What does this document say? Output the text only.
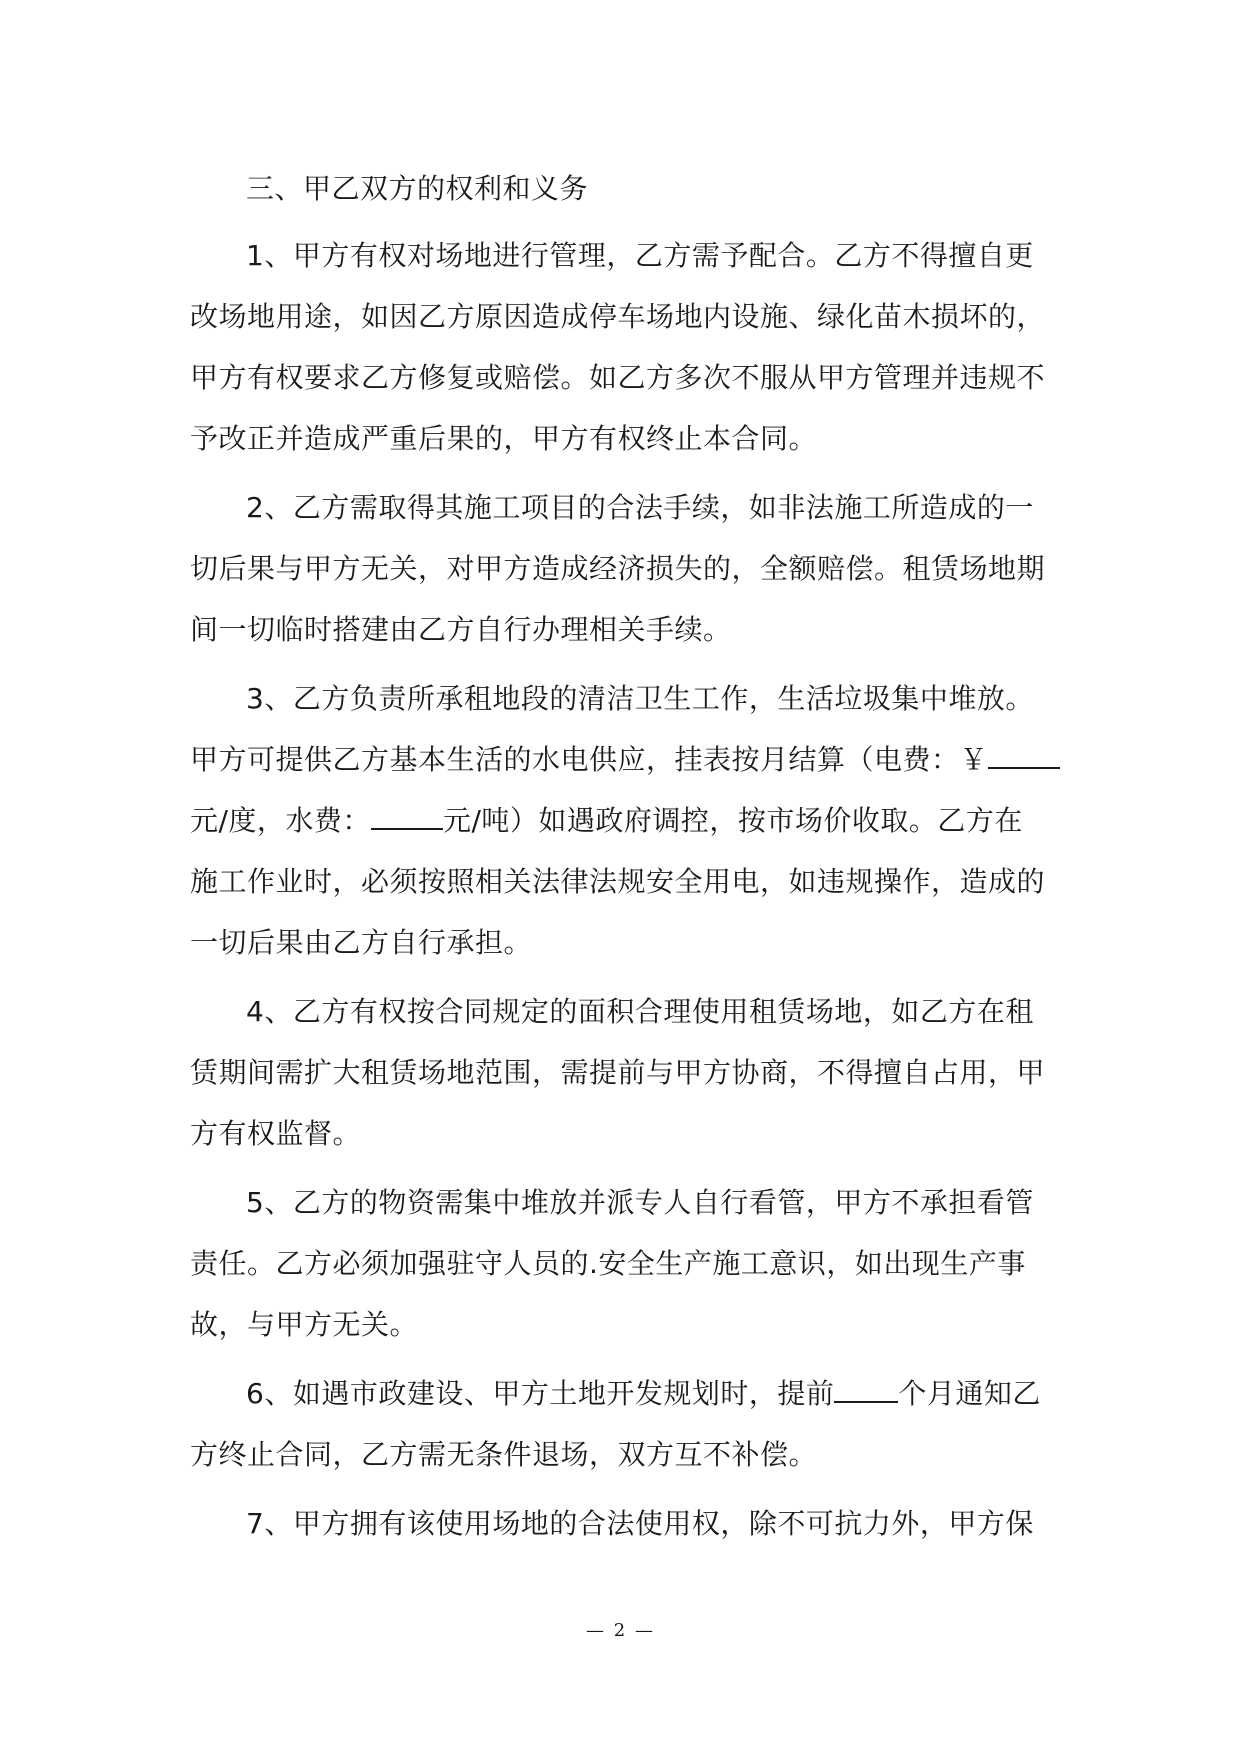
三、甲乙双方的权利和义务
1、甲方有权对场地进行管理，乙方需予配合。乙方不得擅自更
改场地用途，如因乙方原因造成停车场地内设施、绿化苗木损坏的，
甲方有权要求乙方修复或赔偿。如乙方多次不服从甲方管理并违规不
予改正并造成严重后果的，甲方有权终止本合同。
2、乙方需取得其施工项目的合法手续，如非法施工所造成的一
切后果与甲方无关，对甲方造成经济损失的，全额赔偿。租赁场地期
间一切临时搭建由乙方自行办理相关手续。
3、乙方负责所承租地段的清洁卫生工作，生活垃圾集中堆放。
甲方可提供乙方基本生活的水电供应，挂表按月结算（电费：￥
元/度，水费：	元/吨）如遇政府调控，按市场价收取。乙方在
施工作业时，必须按照相关法律法规安全用电，如违规操作，造成的
一切后果由乙方自行承担。
4、乙方有权按合同规定的面积合理使用租赁场地，如乙方在租
赁期间需扩大租赁场地范围，需提前与甲方协商，不得擅自占用，甲
方有权监督。
5、乙方的物资需集中堆放并派专人自行看管，甲方不承担看管
责任。乙方必须加强驻守人员的.安全生产施工意识，如出现生产事
故，与甲方无关。
6、如遇市政建设、甲方土地开发规划时，提前 个月通知乙
方终止合同，乙方需无条件退场，双方互不补偿。
7、甲方拥有该使用场地的合法使用权，除不可抗力外，甲方保
— 2 —
